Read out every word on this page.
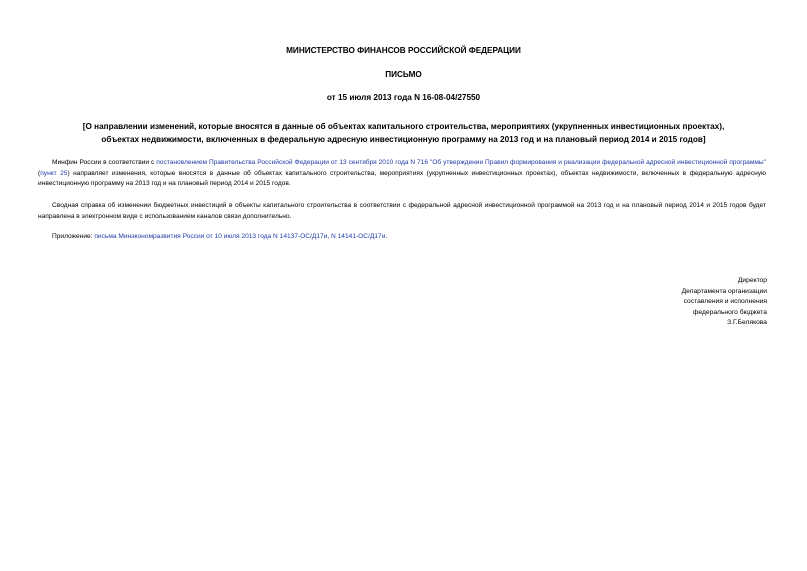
МИНИСТЕРСТВО ФИНАНСОВ РОССИЙСКОЙ ФЕДЕРАЦИИ
ПИСЬМО
от 15 июля 2013 года N 16-08-04/27550
[О направлении изменений, которые вносятся в данные об объектах капитального строительства, мероприятиях (укрупненных инвестиционных проектах),
объектах недвижимости, включенных в федеральную адресную инвестиционную программу на 2013 год и на плановый период 2014 и 2015 годов]
Минфин России в соответствии с постановлением Правительства Российской Федерации от 13 сентября 2010 года N 716 "Об утверждении Правил формирования и реализации федеральной адресной инвестиционной программы" (пункт 25) направляет изменения, которые вносятся в данные об объектах капитального строительства, мероприятиях (укрупненных инвестиционных проектах), объектах недвижимости, включенных в федеральную адресную инвестиционную программу на 2013 год и на плановый период 2014 и 2015 годов.
Сводная справка об изменении бюджетных инвестиций в объекты капитального строительства в соответствии с федеральной адресной инвестиционной программой на 2013 год и на плановый период 2014 и 2015 годов будет направлена в электронном виде с использованием каналов связи дополнительно.
Приложение: письма Минэкономразвития России от 10 июля 2013 года N 14137-ОС/Д17и, N 14141-ОС/Д17и.
Директор
Департамента организации
составления и исполнения
федерального бюджета
З.Г.Белякова
